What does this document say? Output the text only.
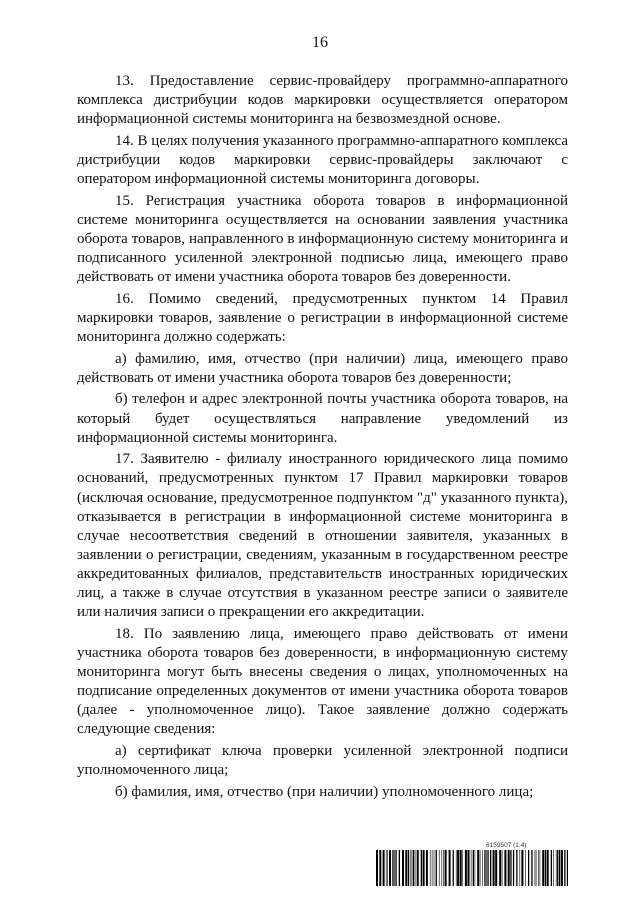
16

13. Предоставление сервис-провайдеру программно-аппаратного комплекса дистрибуции кодов маркировки осуществляется оператором информационной системы мониторинга на безвозмездной основе.

14. В целях получения указанного программно-аппаратного комплекса дистрибуции кодов маркировки сервис-провайдеры заключают с оператором информационной системы мониторинга договоры.

15. Регистрация участника оборота товаров в информационной системе мониторинга осуществляется на основании заявления участника оборота товаров, направленного в информационную систему мониторинга и подписанного усиленной электронной подписью лица, имеющего право действовать от имени участника оборота товаров без доверенности.

16. Помимо сведений, предусмотренных пунктом 14 Правил маркировки товаров, заявление о регистрации в информационной системе мониторинга должно содержать:

а) фамилию, имя, отчество (при наличии) лица, имеющего право действовать от имени участника оборота товаров без доверенности;

б) телефон и адрес электронной почты участника оборота товаров, на который будет осуществляться направление уведомлений из информационной системы мониторинга.

17. Заявителю - филиалу иностранного юридического лица помимо оснований, предусмотренных пунктом 17 Правил маркировки товаров (исключая основание, предусмотренное подпунктом "д" указанного пункта), отказывается в регистрации в информационной системе мониторинга в случае несоответствия сведений в отношении заявителя, указанных в заявлении о регистрации, сведениям, указанным в государственном реестре аккредитованных филиалов, представительств иностранных юридических лиц, а также в случае отсутствия в указанном реестре записи о заявителе или наличия записи о прекращении его аккредитации.

18. По заявлению лица, имеющего право действовать от имени участника оборота товаров без доверенности, в информационную систему мониторинга могут быть внесены сведения о лицах, уполномоченных на подписание определенных документов от имени участника оборота товаров (далее - уполномоченное лицо). Такое заявление должно содержать следующие сведения:

а) сертификат ключа проверки усиленной электронной подписи уполномоченного лица;

б) фамилия, имя, отчество (при наличии) уполномоченного лица;

6159507 (1.4)
